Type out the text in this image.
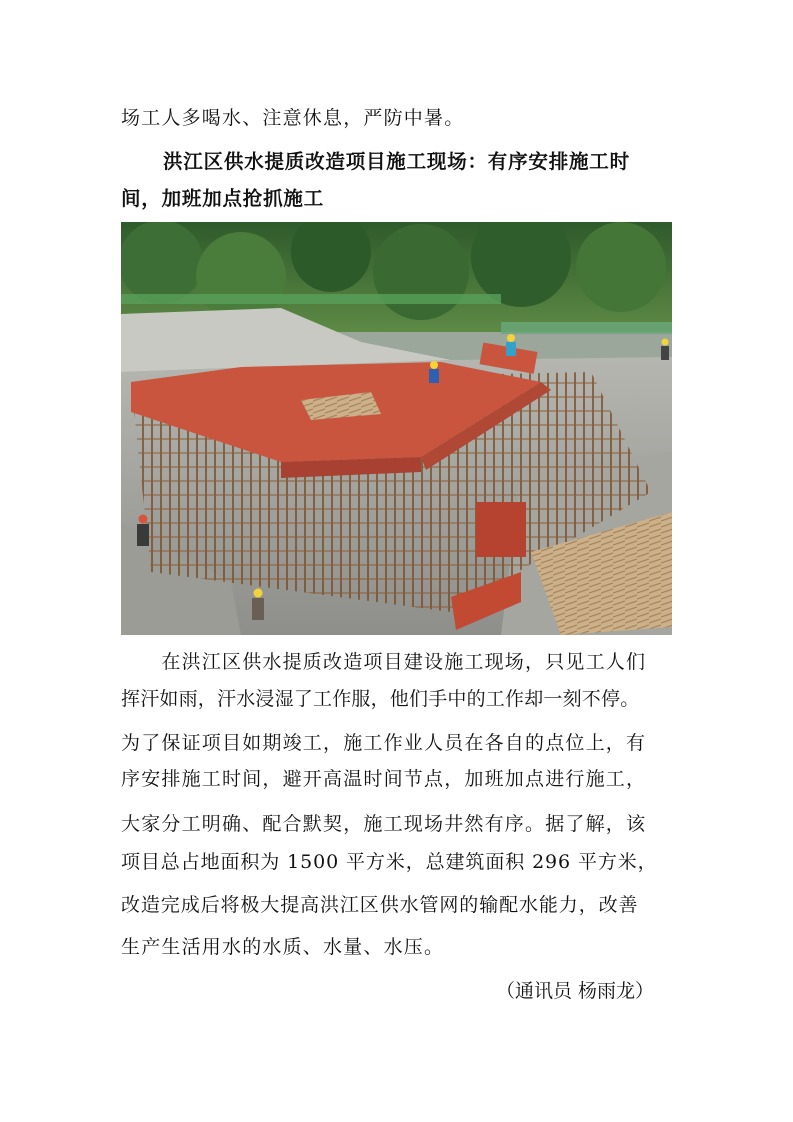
场工人多喝水、注意休息，严防中暑。
洪江区供水提质改造项目施工现场：有序安排施工时
间，加班加点抢抓施工
　　在洪江区供水提质改造项目建设施工现场，只见工人们
挥汗如雨，汗水浸湿了工作服，他们手中的工作却一刻不停。
为了保证项目如期竣工，施工作业人员在各自的点位上，有
序安排施工时间，避开高温时间节点，加班加点进行施工，
大家分工明确、配合默契，施工现场井然有序。据了解，该
项目总占地面积为 1500 平方米，总建筑面积 296 平方米，
改造完成后将极大提高洪江区供水管网的输配水能力，改善
生产生活用水的水质、水量、水压。
（通讯员 杨雨龙）
